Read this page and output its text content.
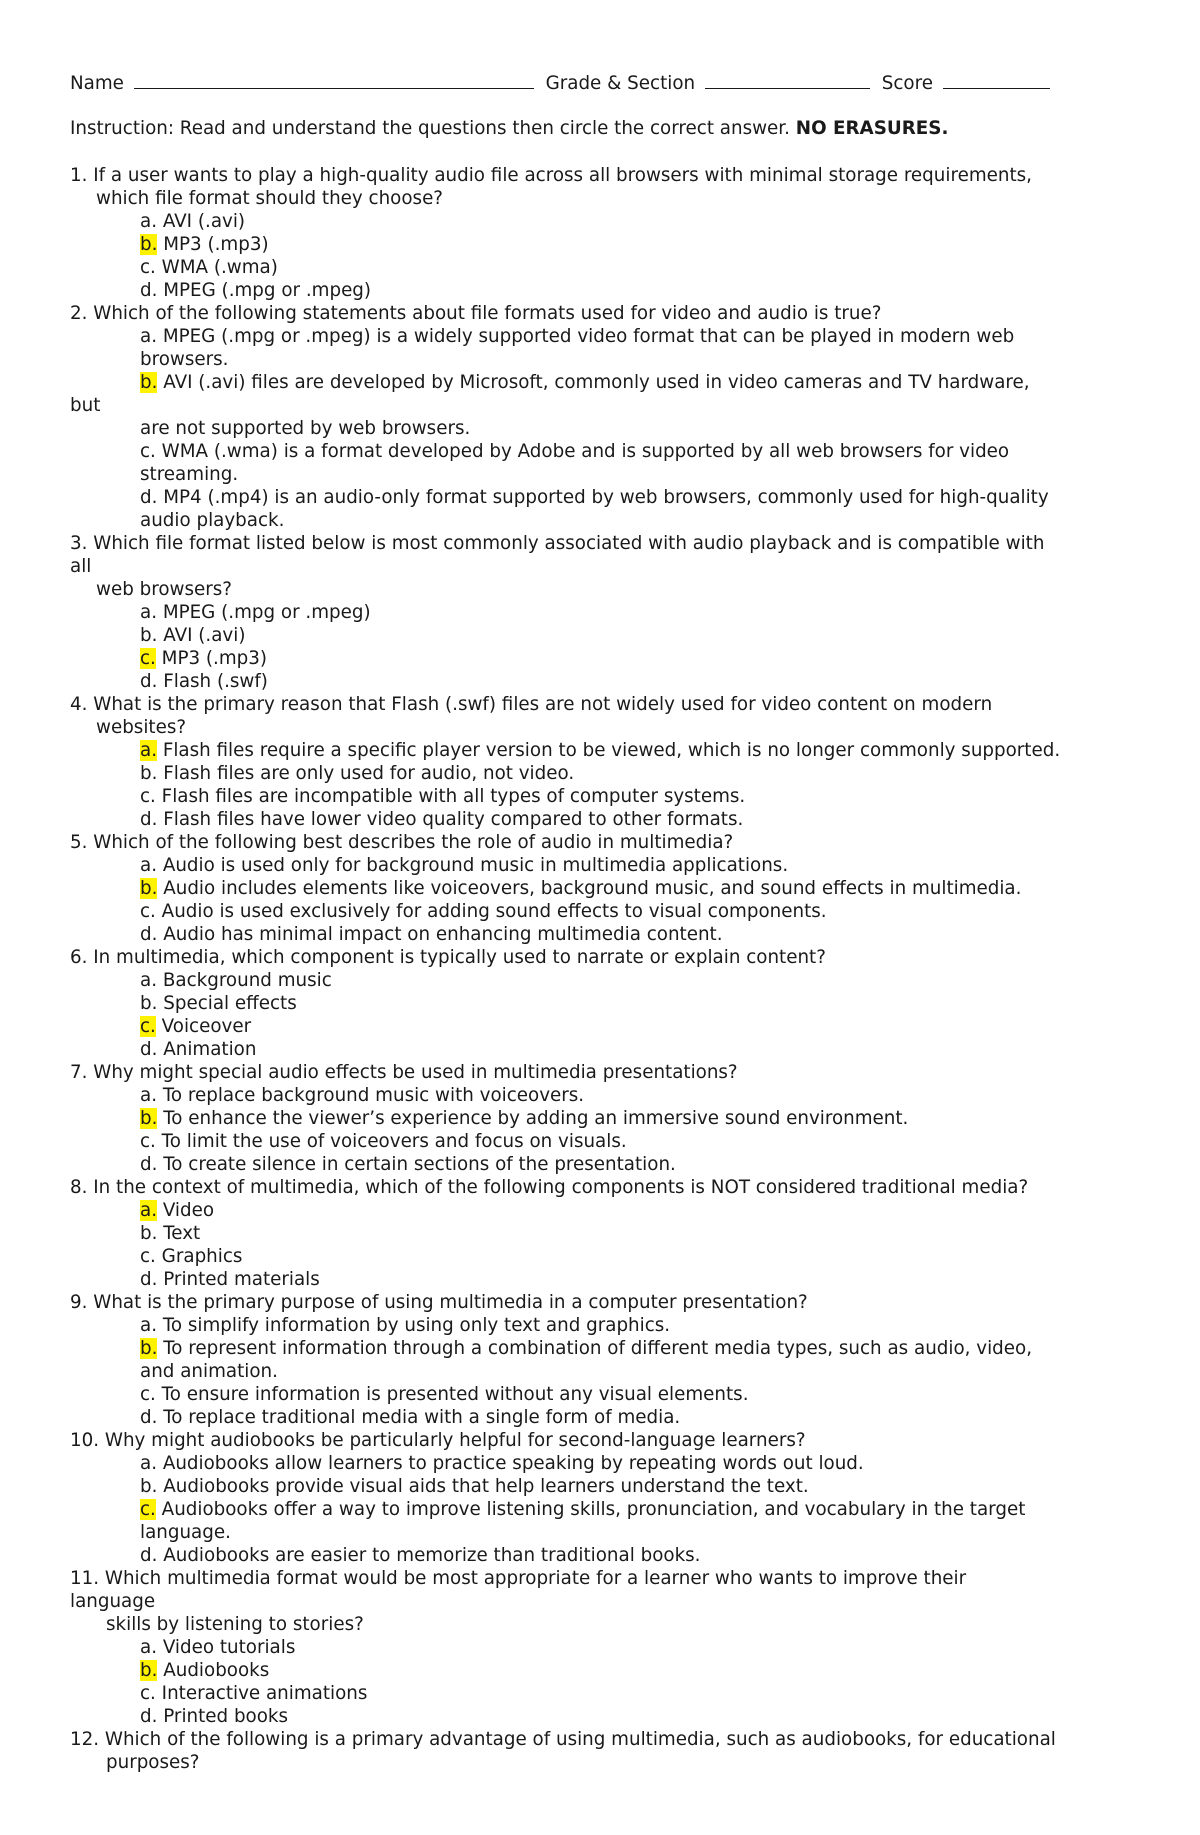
Name	Grade & Section	Score
Instruction: Read and understand the questions then circle the correct answer. NO ERASURES.
1. If a user wants to play a high-quality audio file across all browsers with minimal storage requirements,
which file format should they choose?
a. AVI (.avi)
b. MP3 (.mp3)
c. WMA (.wma)
d. MPEG (.mpg or .mpeg)
2. Which of the following statements about file formats used for video and audio is true?
a. MPEG (.mpg or .mpeg) is a widely supported video format that can be played in modern web
browsers.
b. AVI (.avi) files are developed by Microsoft, commonly used in video cameras and TV hardware,
but
are not supported by web browsers.
c. WMA (.wma) is a format developed by Adobe and is supported by all web browsers for video
streaming.
d. MP4 (.mp4) is an audio-only format supported by web browsers, commonly used for high-quality
audio playback.
3. Which file format listed below is most commonly associated with audio playback and is compatible with
all
web browsers?
a. MPEG (.mpg or .mpeg)
b. AVI (.avi)
c. MP3 (.mp3)
d. Flash (.swf)
4. What is the primary reason that Flash (.swf) files are not widely used for video content on modern
websites?
a. Flash files require a specific player version to be viewed, which is no longer commonly supported.
b. Flash files are only used for audio, not video.
c. Flash files are incompatible with all types of computer systems.
d. Flash files have lower video quality compared to other formats.
5. Which of the following best describes the role of audio in multimedia?
a. Audio is used only for background music in multimedia applications.
b. Audio includes elements like voiceovers, background music, and sound effects in multimedia.
c. Audio is used exclusively for adding sound effects to visual components.
d. Audio has minimal impact on enhancing multimedia content.
6. In multimedia, which component is typically used to narrate or explain content?
a. Background music
b. Special effects
c. Voiceover
d. Animation
7. Why might special audio effects be used in multimedia presentations?
a. To replace background music with voiceovers.
b. To enhance the viewer’s experience by adding an immersive sound environment.
c. To limit the use of voiceovers and focus on visuals.
d. To create silence in certain sections of the presentation.
8. In the context of multimedia, which of the following components is NOT considered traditional media?
a. Video
b. Text
c. Graphics
d. Printed materials
9. What is the primary purpose of using multimedia in a computer presentation?
a. To simplify information by using only text and graphics.
b. To represent information through a combination of different media types, such as audio, video,
and animation.
c. To ensure information is presented without any visual elements.
d. To replace traditional media with a single form of media.
10. Why might audiobooks be particularly helpful for second-language learners?
a. Audiobooks allow learners to practice speaking by repeating words out loud.
b. Audiobooks provide visual aids that help learners understand the text.
c. Audiobooks offer a way to improve listening skills, pronunciation, and vocabulary in the target
language.
d. Audiobooks are easier to memorize than traditional books.
11. Which multimedia format would be most appropriate for a learner who wants to improve their
language
skills by listening to stories?
a. Video tutorials
b. Audiobooks
c. Interactive animations
d. Printed books
12. Which of the following is a primary advantage of using multimedia, such as audiobooks, for educational
purposes?
